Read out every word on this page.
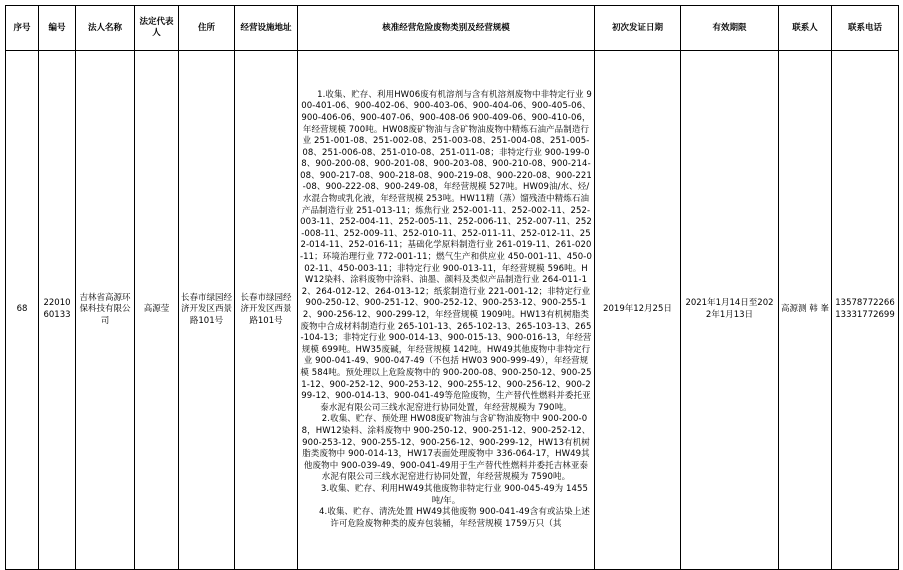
序号	编号	法人名称	法定代表人	住所	经营设施地址	核准经营危险废物类别及经营规模	初次发证日期	有效期限	联系人	联系电话
68	2201060133	吉林省高源环保科技有限公司	高源莹	长春市绿园经济开发区西景路101号	长春市绿园经济开发区西景路101号	1.收集、贮存、利用HW06废有机溶剂与含有机溶剂废物中非特定行业 900-401-06、900-402-06、900-403-06、900-404-06、900-405-06、900-406-06、900-407-06、900-408-06 900-409-06、900-410-06，年经营规模 700吨。HW08废矿物油与含矿物油废物中精炼石油产品制造行业 251-001-08、251-002-08、251-003-08、251-004-08、251-005-08、251-006-08、251-010-08、251-011-08；非特定行业 900-199-08、900-200-08、900-201-08、900-203-08、900-210-08、900-214-08、900-217-08、900-218-08、900-219-08、900-220-08、900-221-08、900-222-08、900-249-08，年经营规模 527吨。HW09油/水、烃/水混合物或乳化液，年经营规模 253吨。HW11精（蒸）馏残渣中精炼石油产品制造行业 251-013-11；炼焦行业 252-001-11、252-002-11、252-003-11、252-004-11、252-005-11、252-006-11、252-007-11、252-008-11、252-009-11、252-010-11、252-011-11、252-012-11、252-014-11、252-016-11；基础化学原料制造行业 261-019-11、261-020-11；环境治理行业 772-001-11；燃气生产和供应业 450-001-11、450-002-11、450-003-11；非特定行业 900-013-11，年经营规模 596吨。HW12染料、涂料废物中涂料、油墨、颜料及类似产品制造行业 264-011-12、264-012-12、264-013-12；纸浆制造行业 221-001-12；非特定行业 900-250-12、900-251-12、900-252-12、900-253-12、900-255-12、900-256-12、900-299-12，年经营规模 1909吨。HW13有机树脂类废物中合成材料制造行业 265-101-13、265-102-13、265-103-13、265-104-13；非特定行业 900-014-13、900-015-13、900-016-13，年经营规模 699吨。HW35废碱，年经营规模 142吨。HW49其他废物中非特定行业 900-041-49、900-047-49（不包括 HW03 900-999-49），年经营规模 584吨。预处理以上危险废物中的 900-200-08、900-250-12、900-251-12、900-252-12、900-253-12、900-255-12、900-256-12、900-299-12、900-014-13、900-041-49等危险废物，生产替代性燃料并委托亚泰水泥有限公司三线水泥窑进行协同处置，年经营规模为 790吨。

2.收集、贮存、预处理 HW08废矿物油与含矿物油废物中 900-200-08，HW12染料、涂料废物中 900-250-12、900-251-12、900-252-12、900-253-12、900-255-12、900-256-12、900-299-12，HW13有机树脂类废物中 900-014-13，HW17表面处理废物中 336-064-17，HW49其他废物中 900-039-49、900-041-49用于生产替代性燃料并委托吉林亚泰水泥有限公司三线水泥窑进行协同处置，年经营规模为 7590吨。

3.收集、贮存、利用HW49其他废物非特定行业 900-045-49为 1455吨/年。

4.收集、贮存、清洗处置 HW49其他废物 900-041-49含有或沾染上述许可危险废物种类的废弃包装桶，年经营规模 1759万只（其	2019年12月25日	2021年1月14日至2022年1月13日	高源测 韩 峯	13578772266 13331772699
